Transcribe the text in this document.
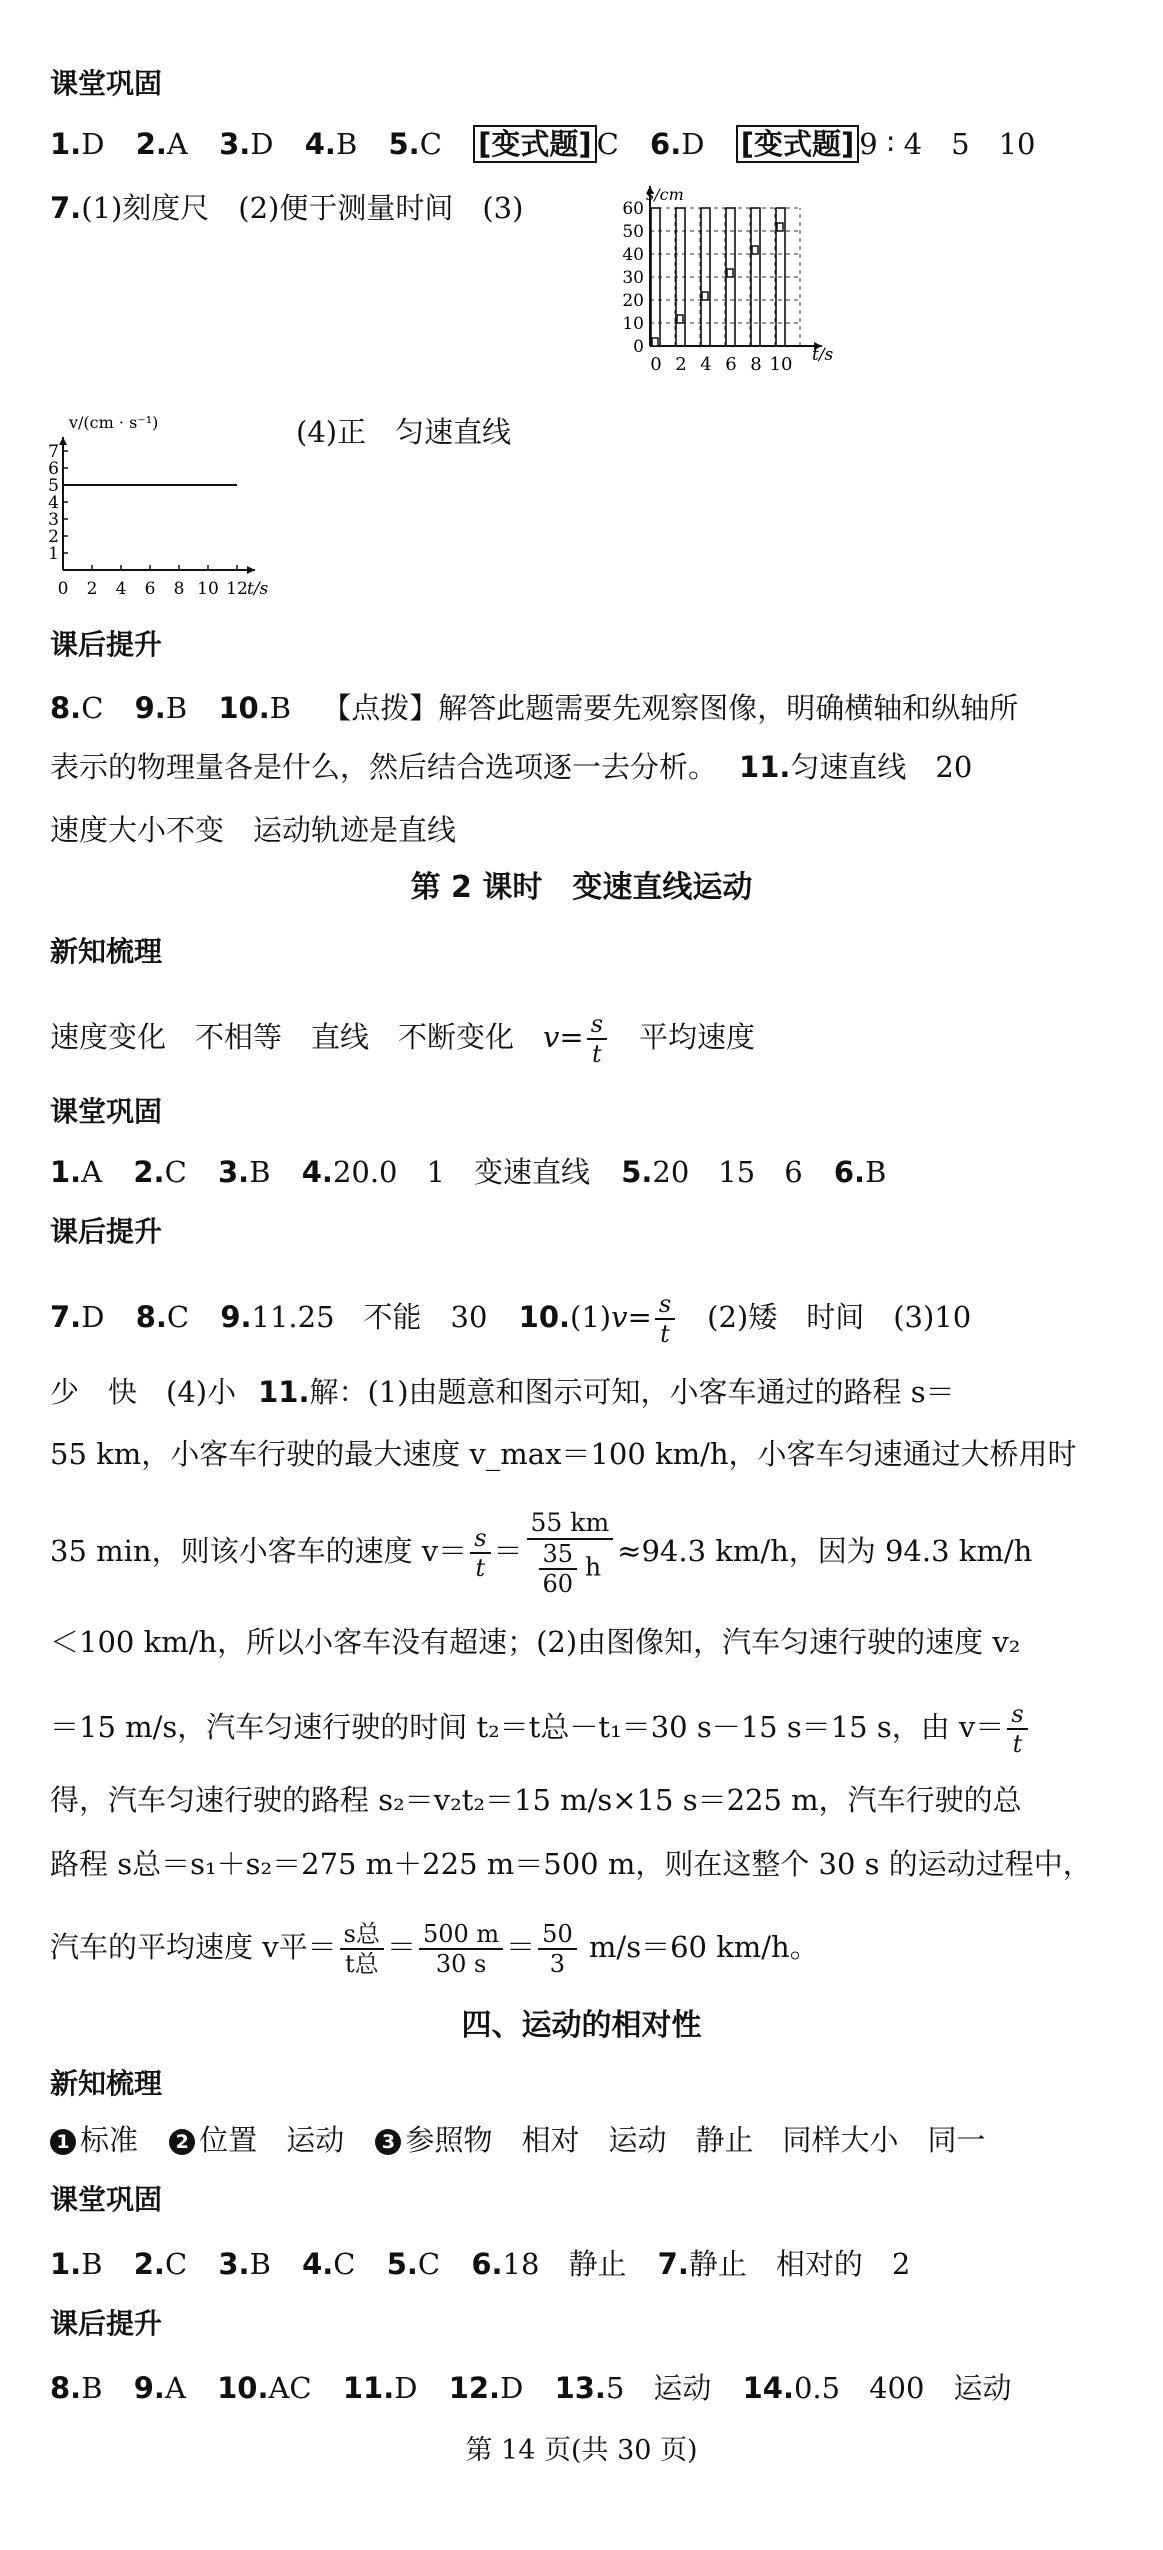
课堂巩固
1.D 2.A 3.D 4.B 5.C [变式题] C 6.D [变式题] 9 ∶ 4　5　10
7.(1)刻度尺　(2)便于测量时间　(3)	60
50
40
30
20
10
0
0 2 4 6 8 10
s/cm
t/s
7
6
5
4
3
2
1
0 2 4 6 8 10 12
v/(cm · s⁻¹)
t/s
(4)正　匀速直线
课后提升
8.C 9.B 10.B 【点拨】解答此题需要先观察图像，明确横轴和纵轴所
表示的物理量各是什么，然后结合选项逐一去分析。 11.匀速直线　20
速度大小不变　运动轨迹是直线
第 2 课时　变速直线运动
新知梳理
速度变化　不相等　直线　不断变化　$v= \frac{s}{t}$ 　平均速度
课堂巩固
1.A 2.C 3.B 4.20.0　1　变速直线 5.20　15　6 6.B
课后提升
7.D 8.C 9.11.25　不能　30 $10.(1)v= \frac{s}{t}$ 　(2)矮　时间　(3)10
少　快　(4)小 11.解：(1)由题意和图示可知，小客车通过的路程 s＝
55 km，小客车行驶的最大速度 v_max＝100 km/h，小客车匀速通过大桥用时
35 min，则该小客车的速度 $v= \frac{s}{t} = \frac{55 km}{\frac{35}{60} h} \approx 94.3$ km/h，因为 94.3 km/h
＜100 km/h，所以小客车没有超速；(2)由图像知，汽车匀速行驶的速度 v₂
＝15 m/s，汽车匀速行驶的时间 t₂＝t总－t₁＝30 s－15 s＝15 s，由 $v= \frac{s}{t}$
得，汽车匀速行驶的路程 s₂＝v₂t₂＝15 m/s×15 s＝225 m，汽车行驶的总
路程 s总＝s₁＋s₂＝275 m＋225 m＝500 m，则在这整个 30 s 的运动过程中，
汽车的平均速度 v平＝ $\frac{\text{s总}}{\text{t总}} = \frac{500 m}{30 s} = \frac{50}{3} m/s=60$ km/h。
四、运动的相对性
新知梳理
1 标准 2 位置　运动 3 参照物　相对　运动　静止　同样大小　同一
课堂巩固
1.B 2.C 3.B 4.C 5.C 6.18　静止 7.静止　相对的　2
课后提升
8.B 9.A 10.AC 11.D 12.D 13.5　运动 14.0.5　400　运动
第 14 页(共 30 页)
